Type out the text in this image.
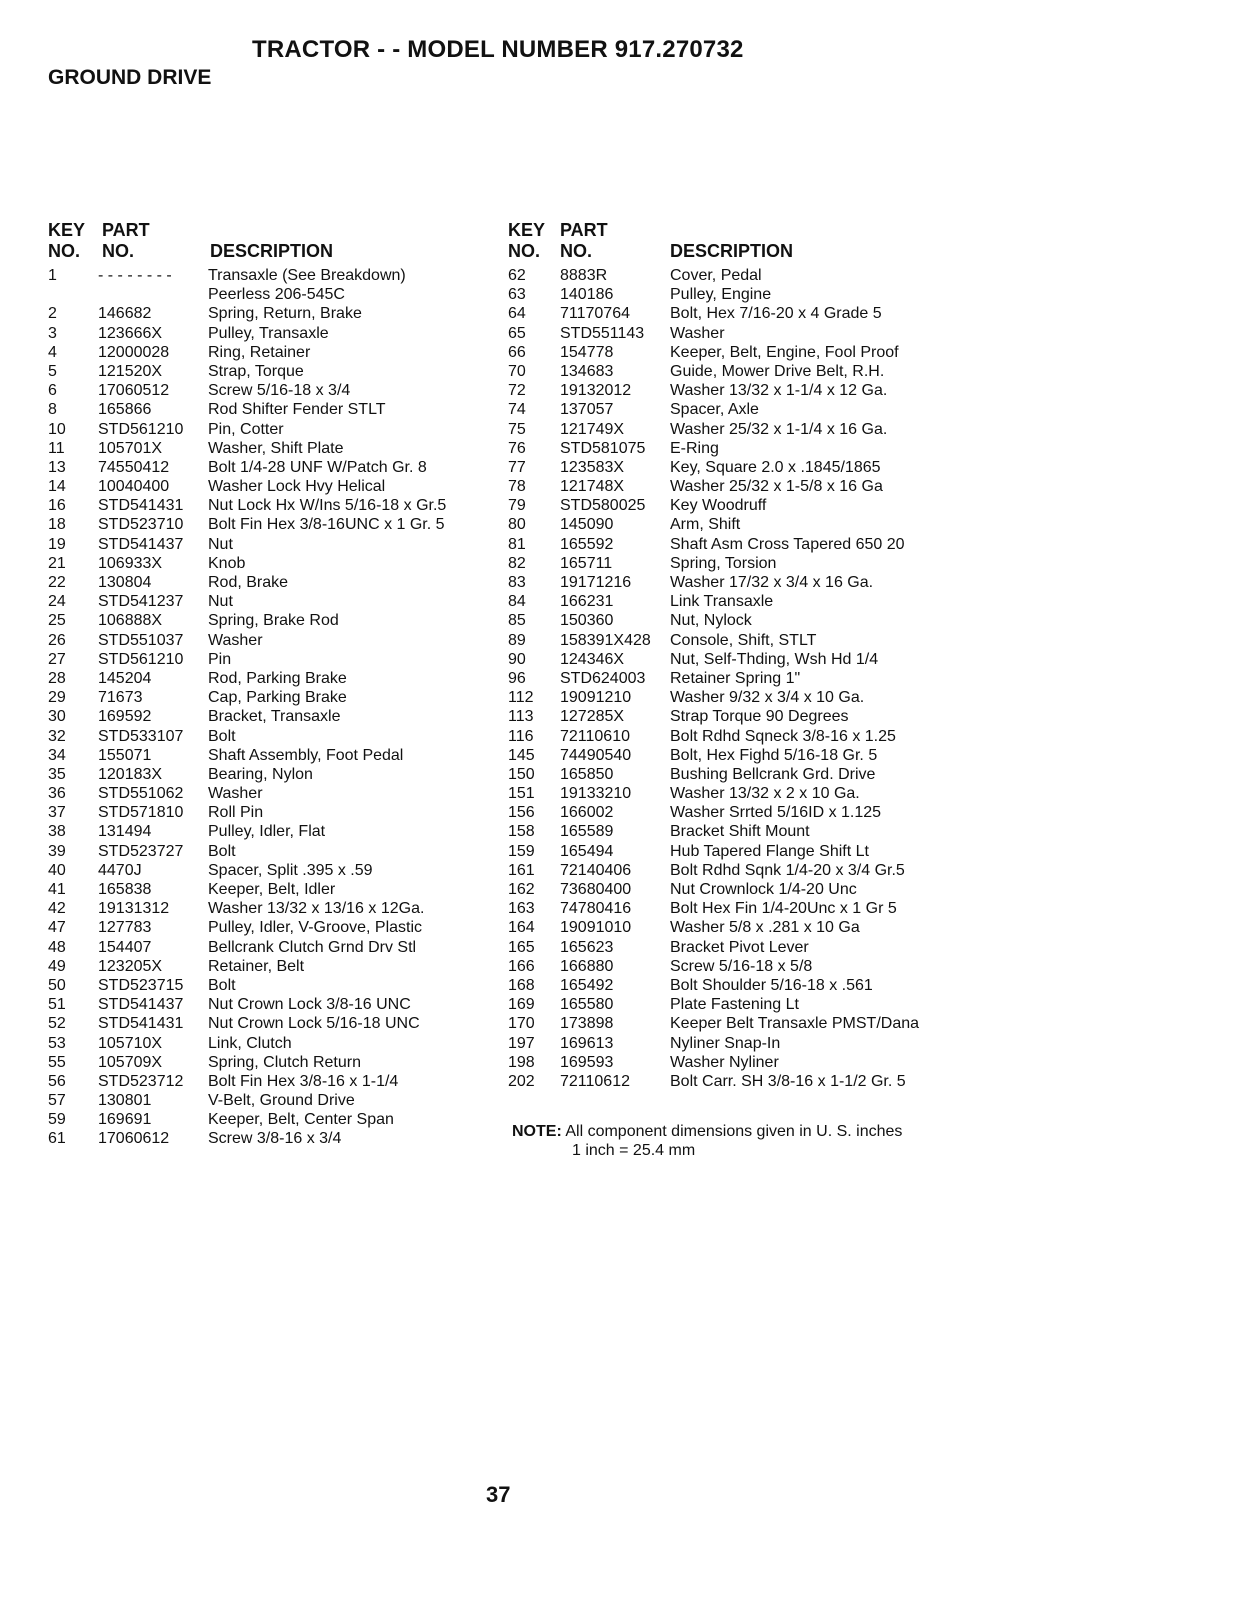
TRACTOR - - MODEL NUMBER 917.270732
GROUND DRIVE
KEY PART
NO. NO.	DESCRIPTION
1	- - - - - - - - Transaxle (See Breakdown)
Peerless 206-545C
2	146682	Spring, Return, Brake
3	123666X	Pulley, Transaxle
4	12000028 Ring, Retainer
5	121520X	Strap, Torque
6	17060512 Screw 5/16-18 x 3/4
8	165866	Rod Shifter Fender STLT
10 STD561210 Pin, Cotter
11 105701X	Washer, Shift Plate
13 74550412 Bolt 1/4-28 UNF W/Patch Gr. 8
14 10040400 Washer Lock Hvy Helical
16 STD541431 Nut Lock Hx W/Ins 5/16-18 x Gr.5
18 STD523710 Bolt Fin Hex 3/8-16UNC x 1 Gr. 5
19 STD541437 Nut
21 106933X	Knob
22 130804	Rod, Brake
24 STD541237 Nut
25 106888X	Spring, Brake Rod
26 STD551037 Washer
27 STD561210 Pin
28 145204	Rod, Parking Brake
29 71673	Cap, Parking Brake
30 169592	Bracket, Transaxle
32 STD533107 Bolt
34 155071	Shaft Assembly, Foot Pedal
35 120183X	Bearing, Nylon
36 STD551062 Washer
37 STD571810 Roll Pin
38 131494	Pulley, Idler, Flat
39 STD523727 Bolt
40 4470J	Spacer, Split .395 x .59
41 165838	Keeper, Belt, Idler
42 19131312 Washer 13/32 x 13/16 x 12Ga.
47 127783	Pulley, Idler, V-Groove, Plastic
48 154407	Bellcrank Clutch Grnd Drv Stl
49 123205X	Retainer, Belt
50 STD523715 Bolt
51 STD541437 Nut Crown Lock 3/8-16 UNC
52 STD541431 Nut Crown Lock 5/16-18 UNC
53 105710X	Link, Clutch
55 105709X	Spring, Clutch Return
56 STD523712 Bolt Fin Hex 3/8-16 x 1-1/4
57 130801	V-Belt, Ground Drive
59 169691	Keeper, Belt, Center Span
61 17060612 Screw 3/8-16 x 3/4
KEY PART
NO. NO.	DESCRIPTION
62 8883R	Cover, Pedal
63 140186	Pulley, Engine
64 71170764	Bolt, Hex 7/16-20 x 4 Grade 5
65 STD551143 Washer
66 154778	Keeper, Belt, Engine, Fool Proof
70 134683	Guide, Mower Drive Belt, R.H.
72 19132012 Washer 13/32 x 1-1/4 x 12 Ga.
74 137057	Spacer, Axle
75 121749X	Washer 25/32 x 1-1/4 x 16 Ga.
76 STD581075 E-Ring
77 123583X	Key, Square 2.0 x .1845/1865
78 121748X	Washer 25/32 x 1-5/8 x 16 Ga
79 STD580025 Key Woodruff
80 145090	Arm, Shift
81 165592	Shaft Asm Cross Tapered 650 20
82 165711	Spring, Torsion
83 19171216 Washer 17/32 x 3/4 x 16 Ga.
84 166231	Link Transaxle
85 150360	Nut, Nylock
89 158391X428 Console, Shift, STLT
90 124346X	Nut, Self-Thding, Wsh Hd 1/4
96 STD624003 Retainer Spring 1"
112 19091210 Washer 9/32 x 3/4 x 10 Ga.
113 127285X	Strap Torque 90 Degrees
116 72110610	Bolt Rdhd Sqneck 3/8-16 x 1.25
145 74490540 Bolt, Hex Fighd 5/16-18 Gr. 5
150 165850	Bushing Bellcrank Grd. Drive
151 19133210 Washer 13/32 x 2 x 10 Ga.
156 166002	Washer Srrted 5/16ID x 1.125
158 165589	Bracket Shift Mount
159 165494	Hub Tapered Flange Shift Lt
161 72140406 Bolt Rdhd Sqnk 1/4-20 x 3/4 Gr.5
162 73680400 Nut Crownlock 1/4-20 Unc
163 74780416 Bolt Hex Fin 1/4-20Unc x 1 Gr 5
164 19091010 Washer 5/8 x .281 x 10 Ga
165 165623	Bracket Pivot Lever
166 166880	Screw 5/16-18 x 5/8
168 165492	Bolt Shoulder 5/16-18 x .561
169 165580	Plate Fastening Lt
170 173898	Keeper Belt Transaxle PMST/Dana
197 169613	Nyliner Snap-In
198 169593	Washer Nyliner
202 72110612	Bolt Carr. SH 3/8-16 x 1-1/2 Gr. 5
NOTE: All component dimensions given in U. S. inches
1 inch = 25.4 mm
37
